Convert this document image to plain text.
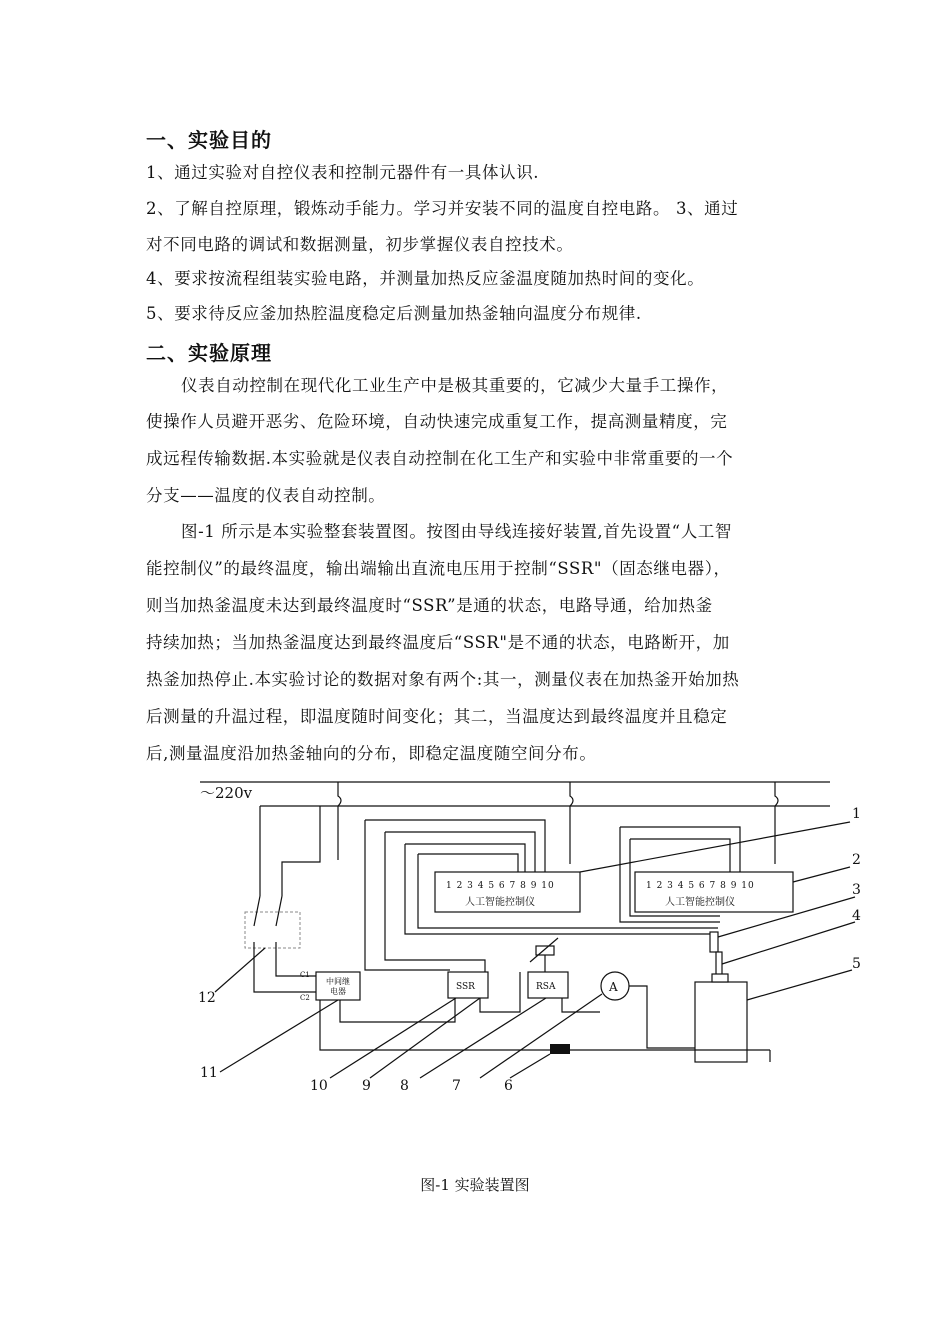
一、实验目的

1、通过实验对自控仪表和控制元器件有一具体认识.

2、了解自控原理，锻炼动手能力。学习并安装不同的温度自控电路。 3、通过

对不同电路的调试和数据测量，初步掌握仪表自控技术。

4、要求按流程组装实验电路，并测量加热反应釜温度随加热时间的变化。

5、要求待反应釜加热腔温度稳定后测量加热釜轴向温度分布规律.

二、实验原理

仪表自动控制在现代化工业生产中是极其重要的，它减少大量手工操作，

使操作人员避开恶劣、危险环境，自动快速完成重复工作，提高测量精度，完

成远程传输数据.本实验就是仪表自动控制在化工生产和实验中非常重要的一个

分支——温度的仪表自动控制。

图-1 所示是本实验整套装置图。按图由导线连接好装置,首先设置“人工智

能控制仪”的最终温度，输出端输出直流电压用于控制“SSR"（固态继电器），

则当加热釜温度未达到最终温度时“SSR”是通的状态，电路导通，给加热釜

持续加热；当加热釜温度达到最终温度后“SSR"是不通的状态，电路断开，加

热釜加热停止.本实验讨论的数据对象有两个:其一，测量仪表在加热釜开始加热

后测量的升温过程，即温度随时间变化；其二，当温度达到最终温度并且稳定

后,测量温度沿加热釜轴向的分布，即稳定温度随空间分布。

～220v
中间继
电器
C1
C2
1 2 3 4 5 6 7 8 9 10
人工智能控制仪
1 2 3 4 5 6 7 8 9 10
人工智能控制仪
SSR	RSA	A
1
2
3
4
5
6
7
8
9
10
11
12

图-1 实验装置图
